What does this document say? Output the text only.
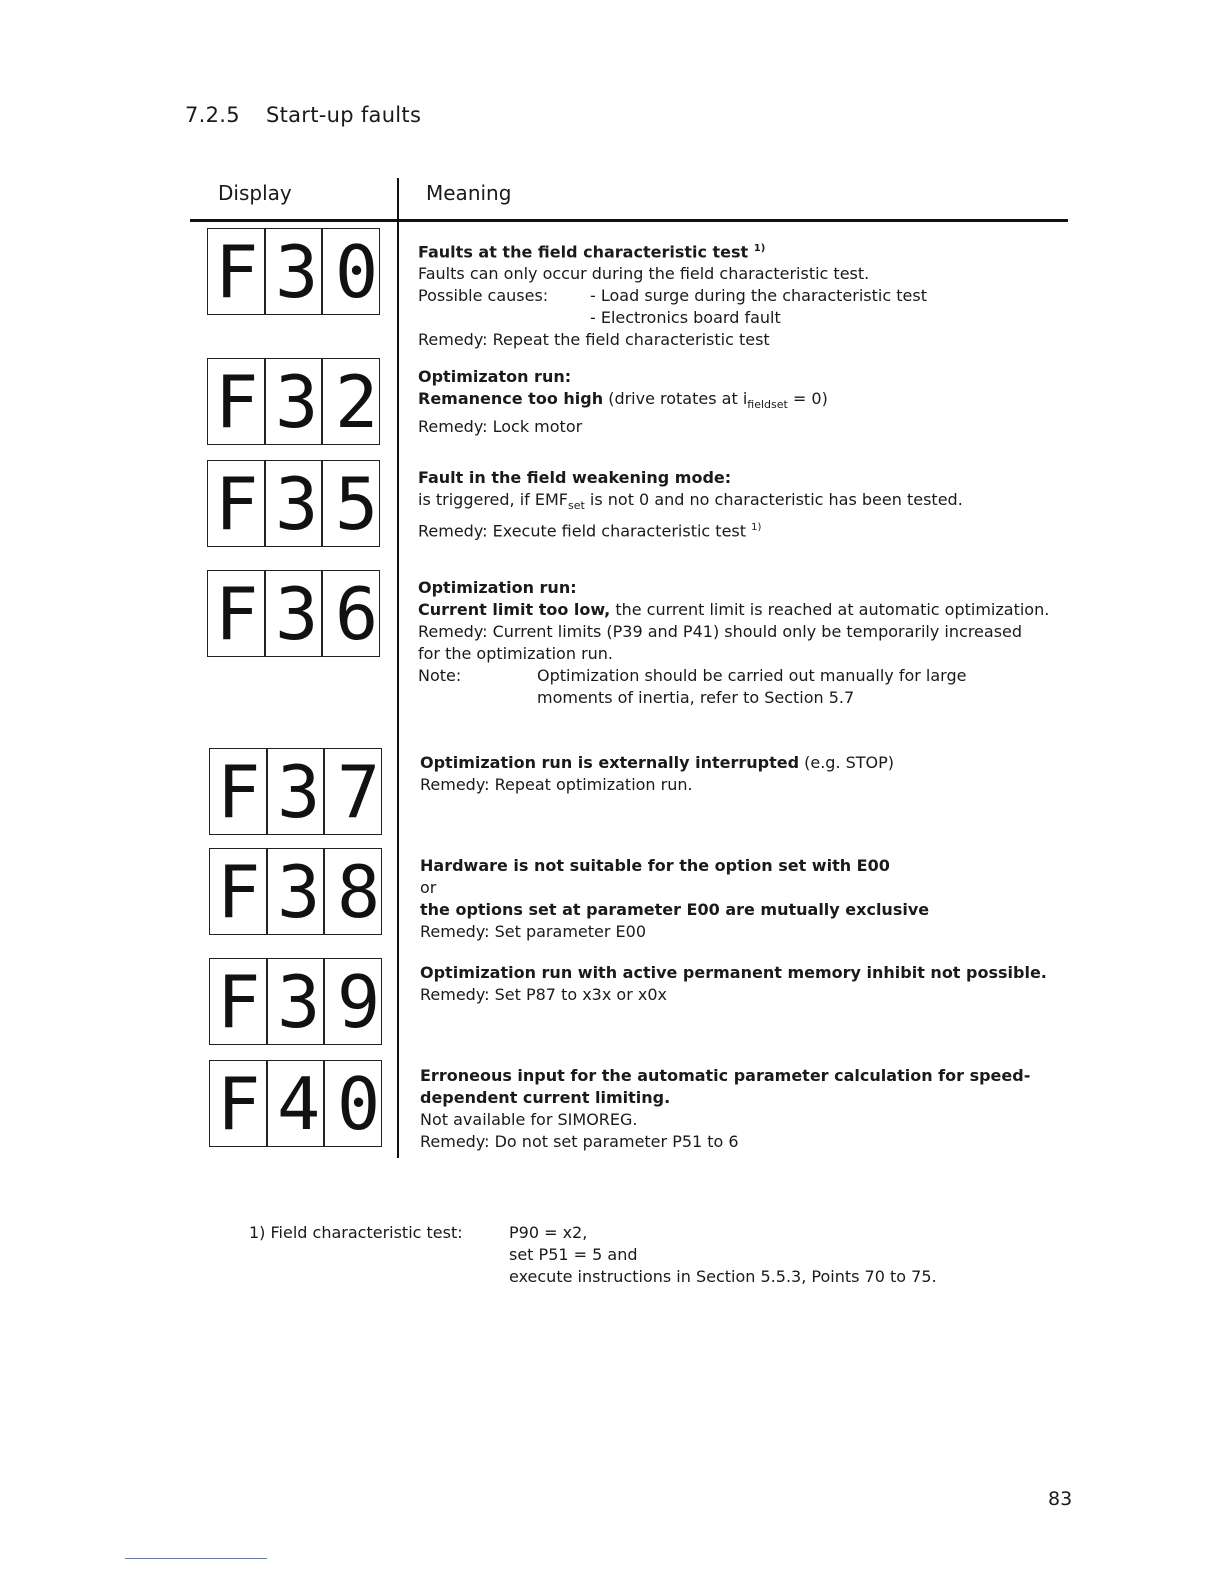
7.2.5 Start-up faults
Display	Meaning
F30 Faults at the field characteristic test $^{1)}$
Faults can only occur during the field characteristic test.
Possible causes:	- Load surge during the characteristic test
- Electronics board fault
Remedy: Repeat the field characteristic test
F32 Optimizaton run:
Remanence too high (drive rotates at $i_{fieldset} = 0$)
Remedy: Lock motor
F35 Fault in the field weakening mode:
is triggered, if $EMF_{set}$ is not 0 and no characteristic has been tested.
Remedy: Execute field characteristic test $^{1)}$
F36 Optimization run:
Current limit too low, the current limit is reached at automatic optimization.
Remedy: Current limits (P39 and P41) should only be temporarily increased
for the optimization run.
Note:	Optimization should be carried out manually for large
moments of inertia, refer to Section 5.7
F37 Optimization run is externally interrupted (e.g. STOP)
Remedy: Repeat optimization run.
F38 Hardware is not suitable for the option set with E00
or
the options set at parameter E00 are mutually exclusive
Remedy: Set parameter E00
F39 Optimization run with active permanent memory inhibit not possible.
Remedy: Set P87 to x3x or x0x
F40 Erroneous input for the automatic parameter calculation for speed-
dependent current limiting.
Not available for SIMOREG.
Remedy: Do not set parameter P51 to 6
1) Field characteristic test:	P90 = x2,
set P51 = 5 and
execute instructions in Section 5.5.3, Points 70 to 75.
83
